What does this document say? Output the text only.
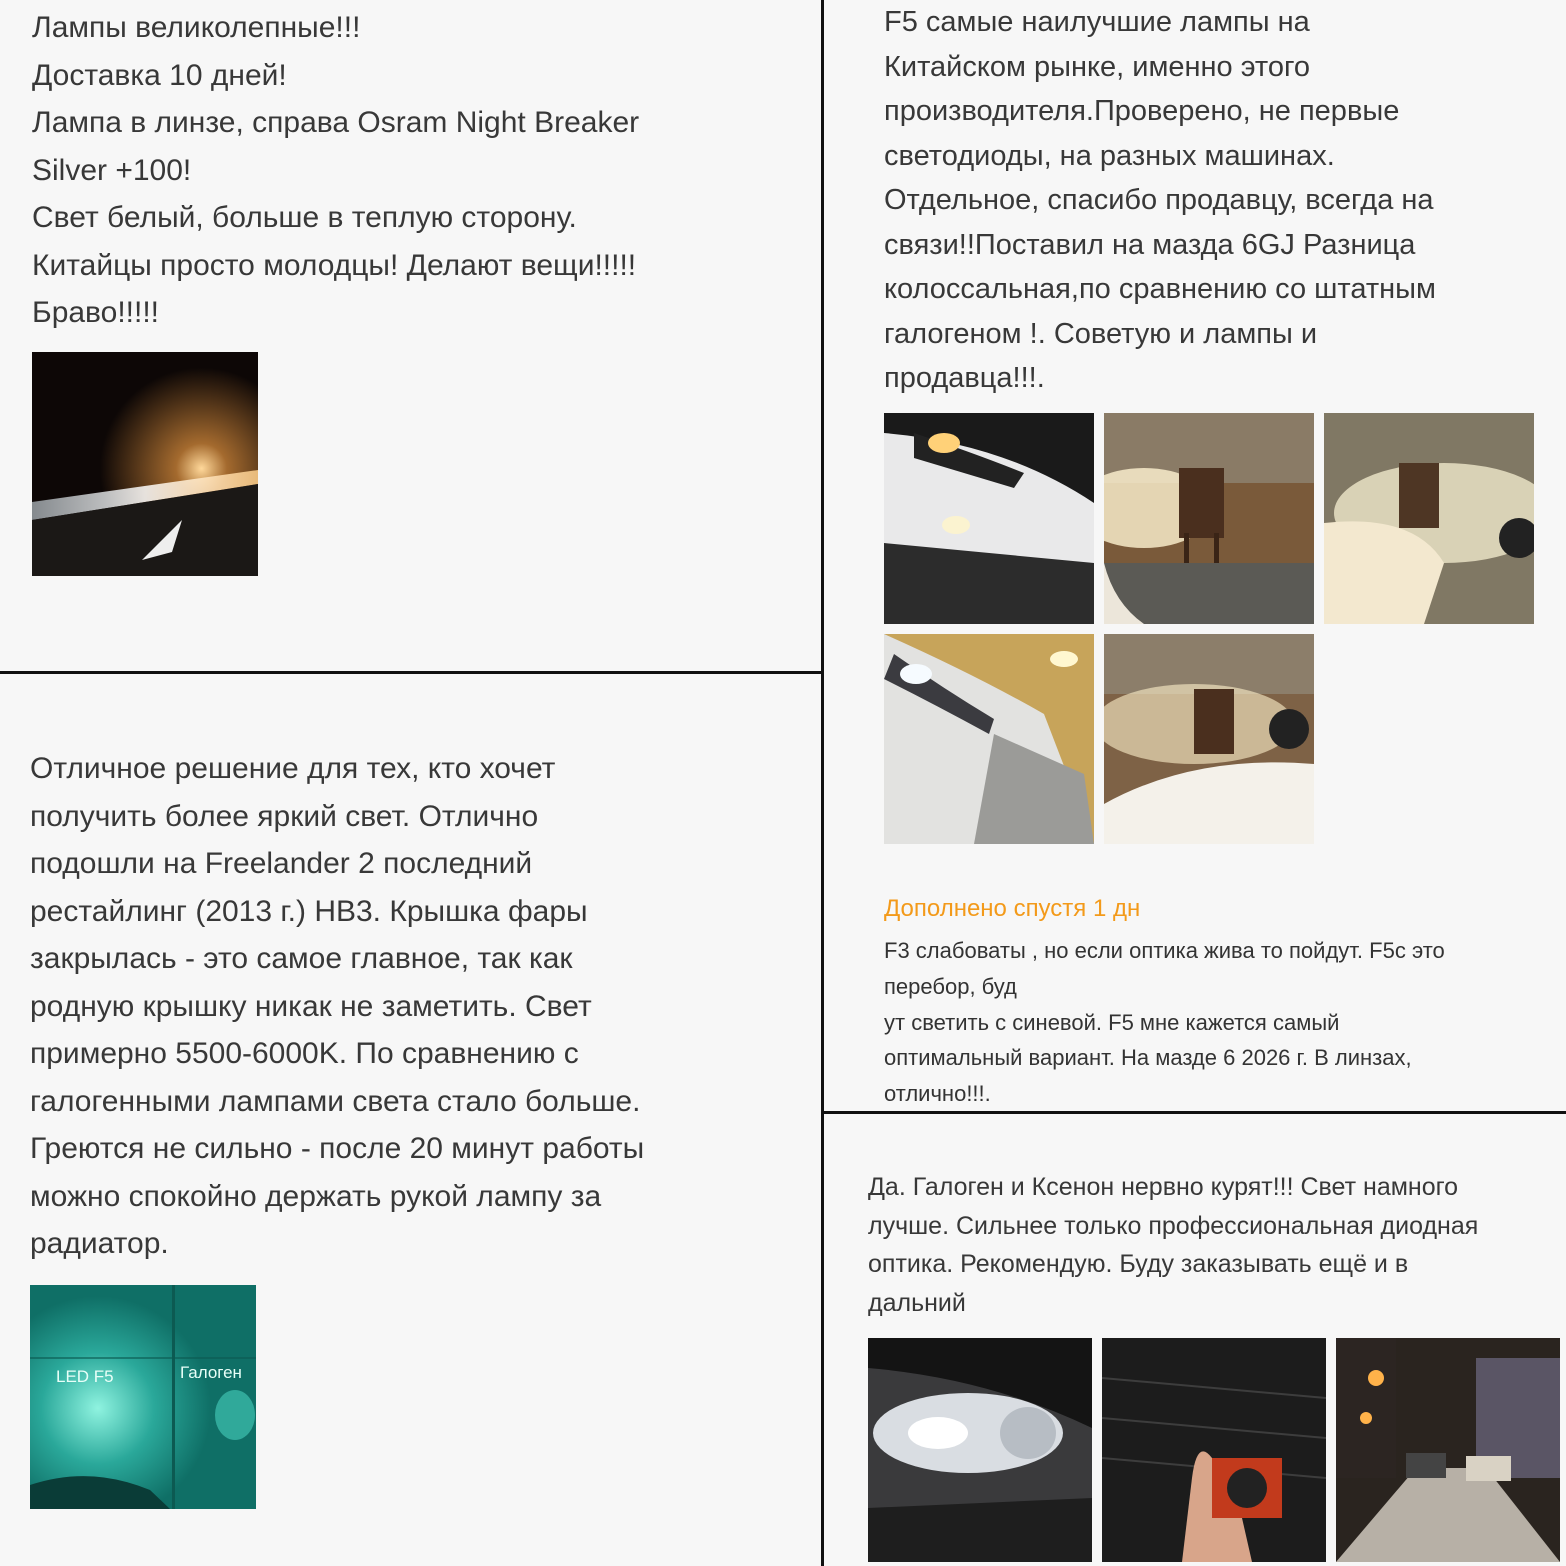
Лампы великолепные!!!
Доставка 10 дней!
Лампа в линзе, справа Osram Night Breaker
Silver +100!
Свет белый, больше в теплую сторону.
Китайцы просто молодцы! Делают вещи!!!!!
Браво!!!!!
Отличное решение для тех, кто хочет
получить более яркий свет. Отлично
подошли на Freelander 2 последний
рестайлинг (2013 г.) HB3. Крышка фары
закрылась - это самое главное, так как
родную крышку никак не заметить. Свет
примерно 5500-6000K. По сравнению с
галогенными лампами света стало больше.
Греются не сильно - после 20 минут работы
можно спокойно держать рукой лампу за
радиатор.
LED F5	Галоген
F5 самые наилучшие лампы на
Китайском рынке, именно этого
производителя.Проверено, не первые
светодиоды, на разных машинах.
Отдельное, спасибо продавцу, всегда на
связи!!Поставил на мазда 6GJ Разница
колоссальная,по сравнению со штатным
галогеном !. Советую и лампы и
продавца!!!.
Дополнено спустя 1 дн
F3 слабоваты , но если оптика жива то пойдут. F5c это
перебор, буд
ут светить с синевой. F5 мне кажется самый
оптимальный вариант. На мазде 6 2026 г. В линзах,
отлично!!!.
Да. Галоген и Ксенон нервно курят!!! Свет намного
лучше. Сильнее только профессиональная диодная
оптика. Рекомендую. Буду заказывать ещё и в
дальний
